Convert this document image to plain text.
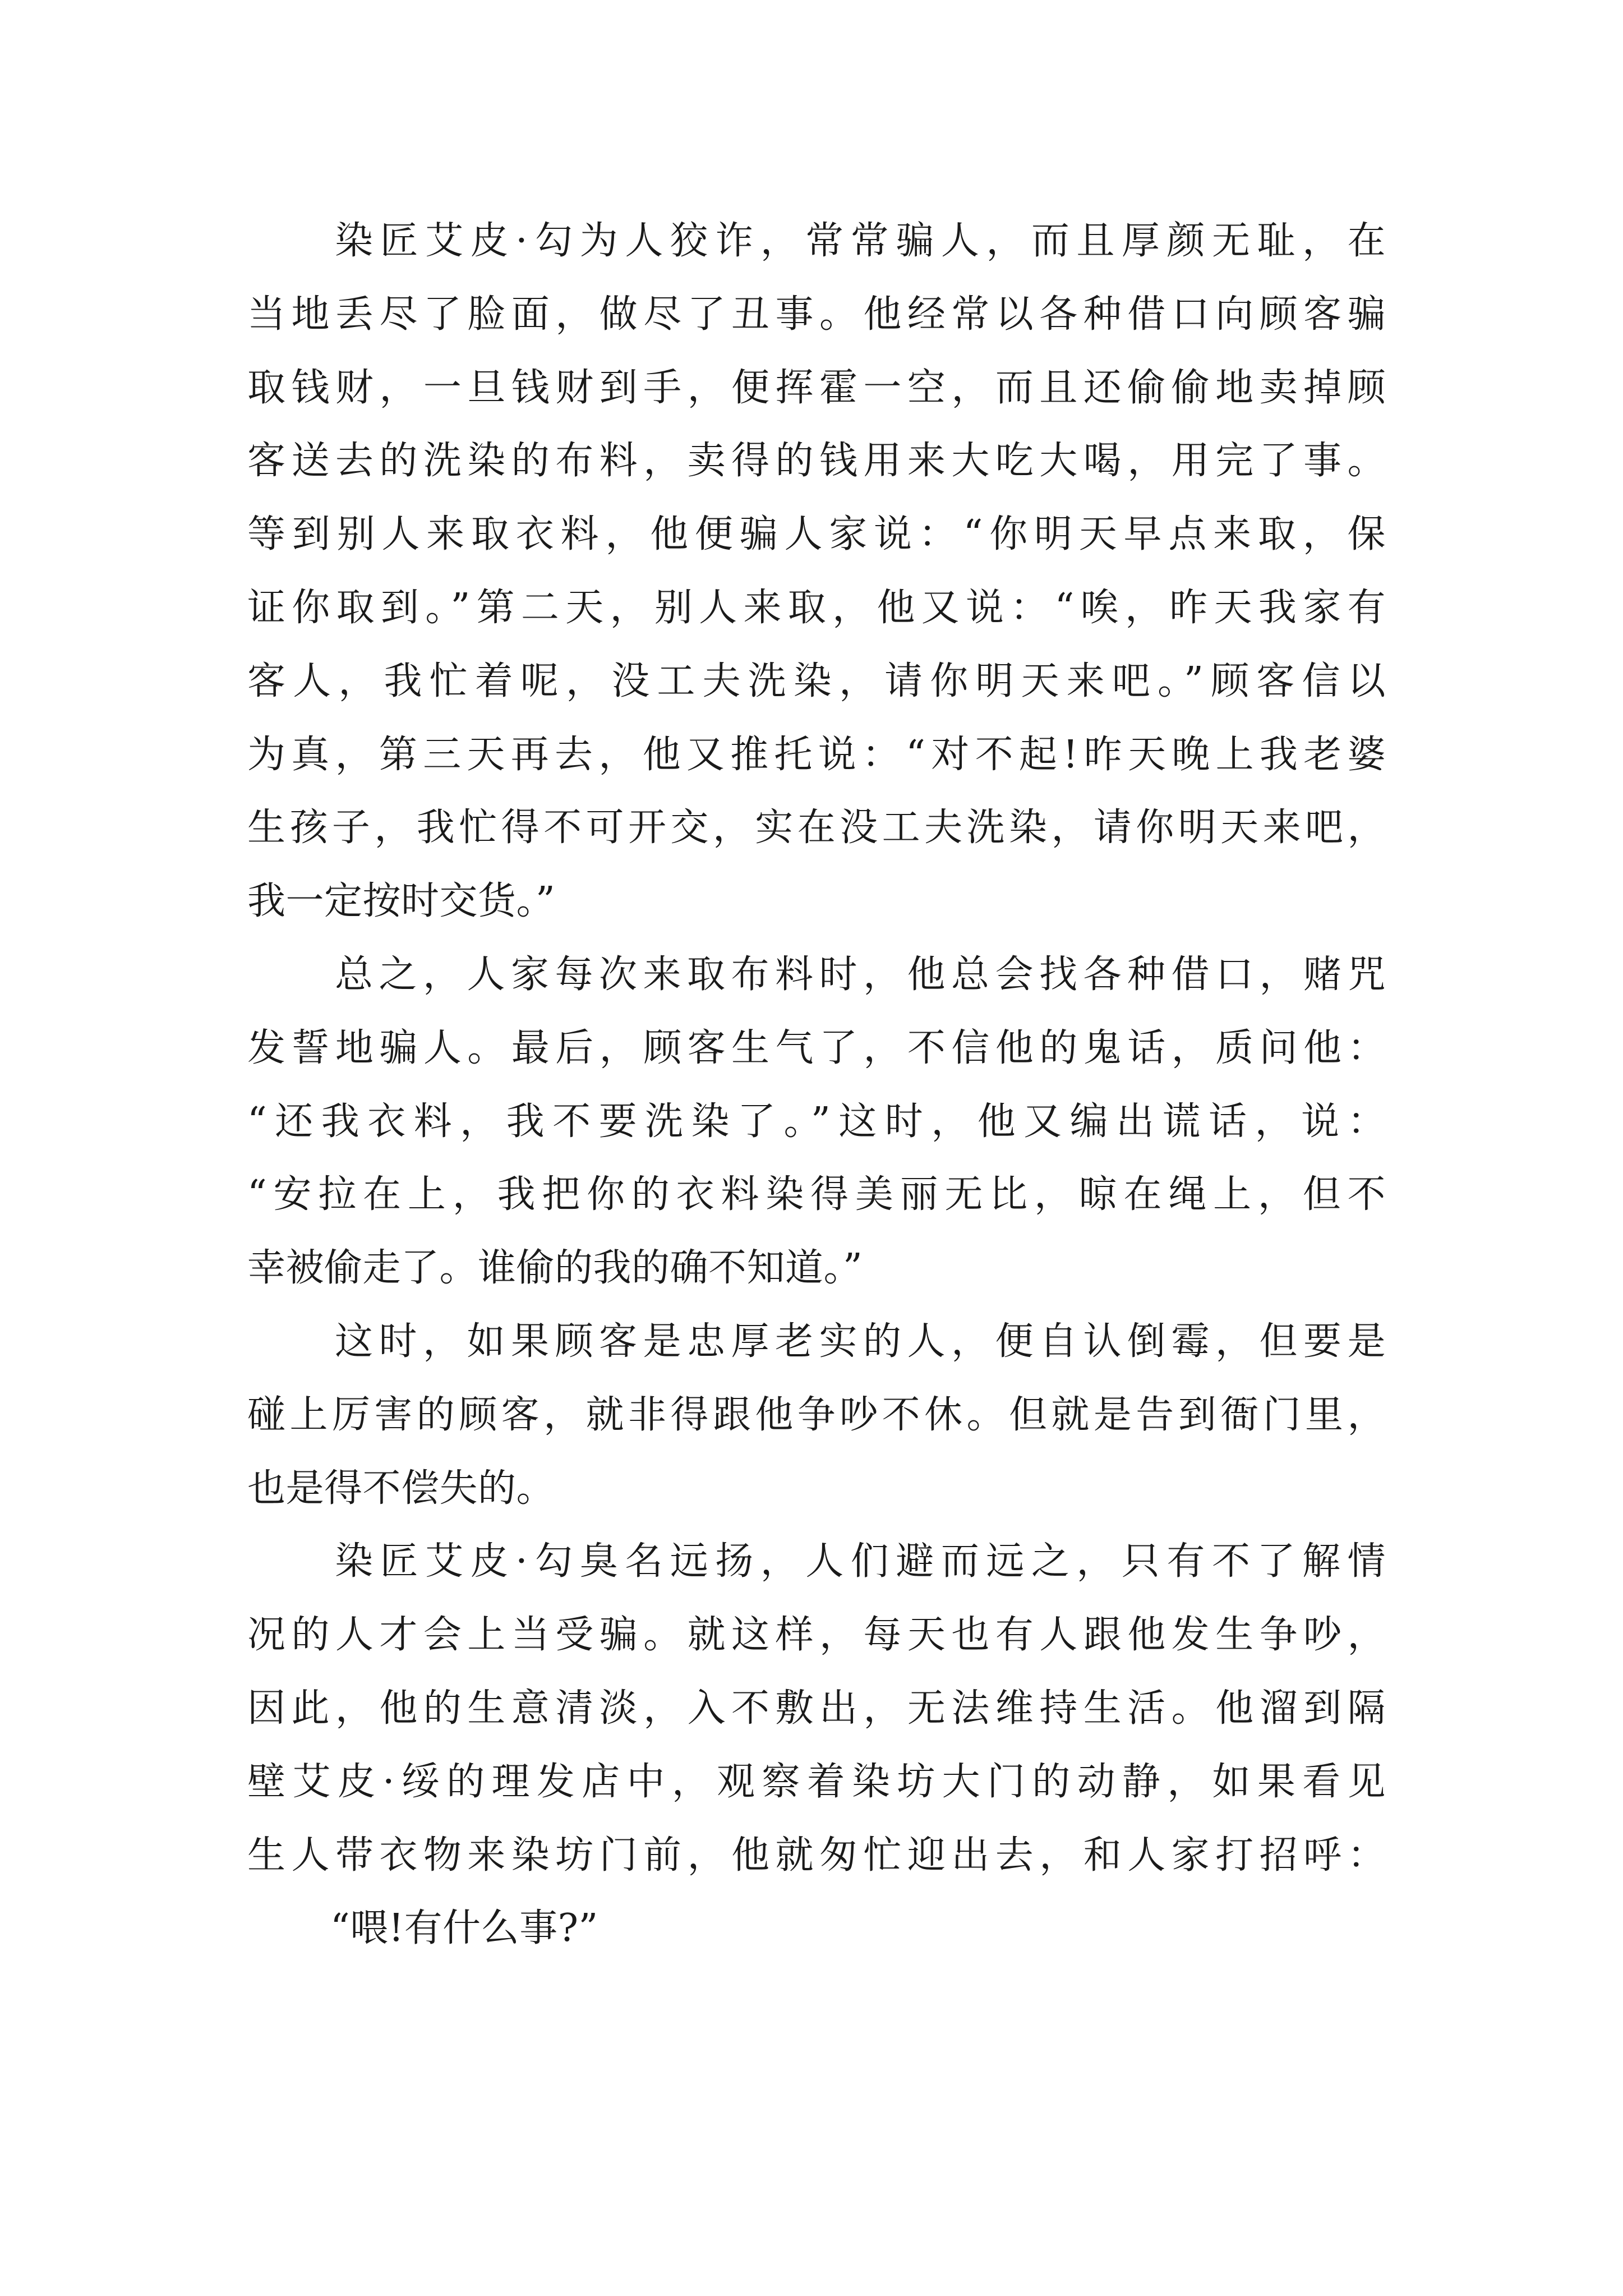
染匠艾皮·勾为人狡诈，常常骗人，而且厚颜无耻，在
当地丢尽了脸面，做尽了丑事。他经常以各种借口向顾客骗
取钱财，一旦钱财到手，便挥霍一空，而且还偷偷地卖掉顾
客送去的洗染的布料，卖得的钱用来大吃大喝，用完了事。
等到别人来取衣料，他便骗人家说：“你明天早点来取，保
证你取到。”第二天，别人来取，他又说：“唉，昨天我家有
客人，我忙着呢，没工夫洗染，请你明天来吧。”顾客信以
为真，第三天再去，他又推托说：“对不起!昨天晚上我老婆
生孩子，我忙得不可开交，实在没工夫洗染，请你明天来吧，
我一定按时交货。”
总之，人家每次来取布料时，他总会找各种借口，赌咒
发誓地骗人。最后，顾客生气了，不信他的鬼话，质问他：
“还我衣料，我不要洗染了。”这时，他又编出谎话，说：
“安拉在上，我把你的衣料染得美丽无比，晾在绳上，但不
幸被偷走了。谁偷的我的确不知道。”
这时，如果顾客是忠厚老实的人，便自认倒霉，但要是
碰上厉害的顾客，就非得跟他争吵不休。但就是告到衙门里，
也是得不偿失的。
染匠艾皮·勾臭名远扬，人们避而远之，只有不了解情
况的人才会上当受骗。就这样，每天也有人跟他发生争吵，
因此，他的生意清淡，入不敷出，无法维持生活。他溜到隔
壁艾皮·绥的理发店中，观察着染坊大门的动静，如果看见
生人带衣物来染坊门前，他就匆忙迎出去，和人家打招呼：
“喂!有什么事?”
